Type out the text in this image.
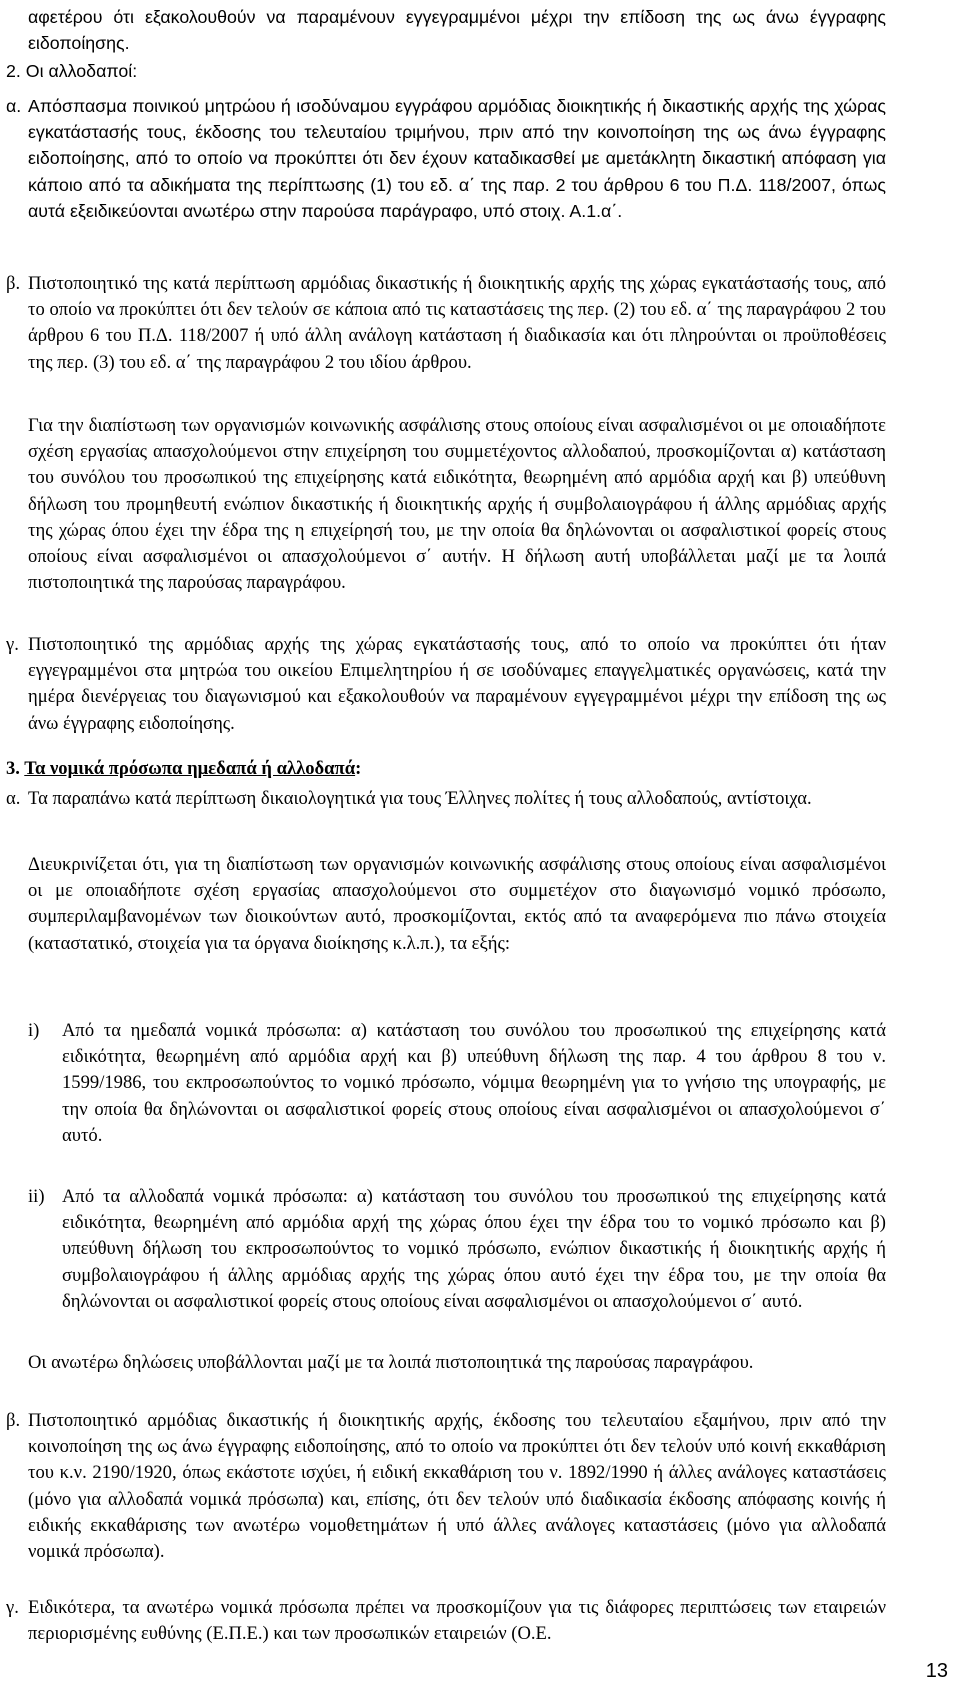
αφετέρου ότι εξακολουθούν να παραμένουν εγγεγραμμένοι μέχρι την επίδοση της ως άνω έγγραφης ειδοποίησης.

2. Οι αλλοδαποί:

α. Απόσπασμα ποινικού μητρώου ή ισοδύναμου εγγράφου αρμόδιας διοικητικής ή δικαστικής αρχής της χώρας εγκατάστασής τους, έκδοσης του τελευταίου τριμήνου, πριν από την κοινοποίηση της ως άνω έγγραφης ειδοποίησης, από το οποίο να προκύπτει ότι δεν έχουν καταδικασθεί με αμετάκλητη δικαστική απόφαση για κάποιο από τα αδικήματα της περίπτωσης (1) του εδ. α΄ της παρ. 2 του άρθρου 6 του Π.Δ. 118/2007, όπως αυτά εξειδικεύονται ανωτέρω στην παρούσα παράγραφο, υπό στοιχ. Α.1.α΄.

β. Πιστοποιητικό της κατά περίπτωση αρμόδιας δικαστικής ή διοικητικής αρχής της χώρας εγκατάστασής τους, από το οποίο να προκύπτει ότι δεν τελούν σε κάποια από τις καταστάσεις της περ. (2) του εδ. α΄ της παραγράφου 2 του άρθρου 6 του Π.Δ. 118/2007 ή υπό άλλη ανάλογη κατάσταση ή διαδικασία και ότι πληρούνται οι προϋποθέσεις της περ. (3) του εδ. α΄ της παραγράφου 2 του ιδίου άρθρου.

Για την διαπίστωση των οργανισμών κοινωνικής ασφάλισης στους οποίους είναι ασφαλισμένοι οι με οποιαδήποτε σχέση εργασίας απασχολούμενοι στην επιχείρηση του συμμετέχοντος αλλοδαπού, προσκομίζονται α) κατάσταση του συνόλου του προσωπικού της επιχείρησης κατά ειδικότητα, θεωρημένη από αρμόδια αρχή και β) υπεύθυνη δήλωση του προμηθευτή ενώπιον δικαστικής ή διοικητικής αρχής ή συμβολαιογράφου ή άλλης αρμόδιας αρχής της χώρας όπου έχει την έδρα της η επιχείρησή του, με την οποία θα δηλώνονται οι ασφαλιστικοί φορείς στους οποίους είναι ασφαλισμένοι οι απασχολούμενοι σ΄ αυτήν. Η δήλωση αυτή υποβάλλεται μαζί με τα λοιπά πιστοποιητικά της παρούσας παραγράφου.

γ. Πιστοποιητικό της αρμόδιας αρχής της χώρας εγκατάστασής τους, από το οποίο να προκύπτει ότι ήταν εγγεγραμμένοι στα μητρώα του οικείου Επιμελητηρίου ή σε ισοδύναμες επαγγελματικές οργανώσεις, κατά την ημέρα διενέργειας του διαγωνισμού και εξακολουθούν να παραμένουν εγγεγραμμένοι μέχρι την επίδοση της ως άνω έγγραφης ειδοποίησης.

3. Τα νομικά πρόσωπα ημεδαπά ή αλλοδαπά:

α. Τα παραπάνω κατά περίπτωση δικαιολογητικά για τους Έλληνες πολίτες ή τους αλλοδαπούς, αντίστοιχα.

Διευκρινίζεται ότι, για τη διαπίστωση των οργανισμών κοινωνικής ασφάλισης στους οποίους είναι ασφαλισμένοι οι με οποιαδήποτε σχέση εργασίας απασχολούμενοι στο συμμετέχον στο διαγωνισμό νομικό πρόσωπο, συμπεριλαμβανομένων των διοικούντων αυτό, προσκομίζονται, εκτός από τα αναφερόμενα πιο πάνω στοιχεία (καταστατικό, στοιχεία για τα όργανα διοίκησης κ.λ.π.), τα εξής:

i) Από τα ημεδαπά νομικά πρόσωπα: α) κατάσταση του συνόλου του προσωπικού της επιχείρησης κατά ειδικότητα, θεωρημένη από αρμόδια αρχή και β) υπεύθυνη δήλωση της παρ. 4 του άρθρου 8 του ν. 1599/1986, του εκπροσωπούντος το νομικό πρόσωπο, νόμιμα θεωρημένη για το γνήσιο της υπογραφής, με την οποία θα δηλώνονται οι ασφαλιστικοί φορείς στους οποίους είναι ασφαλισμένοι οι απασχολούμενοι σ΄ αυτό.

ii) Από τα αλλοδαπά νομικά πρόσωπα: α) κατάσταση του συνόλου του προσωπικού της επιχείρησης κατά ειδικότητα, θεωρημένη από αρμόδια αρχή της χώρας όπου έχει την έδρα του το νομικό πρόσωπο και β) υπεύθυνη δήλωση του εκπροσωπούντος το νομικό πρόσωπο, ενώπιον δικαστικής ή διοικητικής αρχής ή συμβολαιογράφου ή άλλης αρμόδιας αρχής της χώρας όπου αυτό έχει την έδρα του, με την οποία θα δηλώνονται οι ασφαλιστικοί φορείς στους οποίους είναι ασφαλισμένοι οι απασχολούμενοι σ΄ αυτό.

Οι ανωτέρω δηλώσεις υποβάλλονται μαζί με τα λοιπά πιστοποιητικά της παρούσας παραγράφου.

β. Πιστοποιητικό αρμόδιας δικαστικής ή διοικητικής αρχής, έκδοσης του τελευταίου εξαμήνου, πριν από την κοινοποίηση της ως άνω έγγραφης ειδοποίησης, από το οποίο να προκύπτει ότι δεν τελούν υπό κοινή εκκαθάριση του κ.ν. 2190/1920, όπως εκάστοτε ισχύει, ή ειδική εκκαθάριση του ν. 1892/1990 ή άλλες ανάλογες καταστάσεις (μόνο για αλλοδαπά νομικά πρόσωπα) και, επίσης, ότι δεν τελούν υπό διαδικασία έκδοσης απόφασης κοινής ή ειδικής εκκαθάρισης των ανωτέρω νομοθετημάτων ή υπό άλλες ανάλογες καταστάσεις (μόνο για αλλοδαπά νομικά πρόσωπα).

γ. Ειδικότερα, τα ανωτέρω νομικά πρόσωπα πρέπει να προσκομίζουν για τις διάφορες περιπτώσεις των εταιρειών περιορισμένης ευθύνης (Ε.Π.Ε.) και των προσωπικών εταιρειών (Ο.Ε.

13
